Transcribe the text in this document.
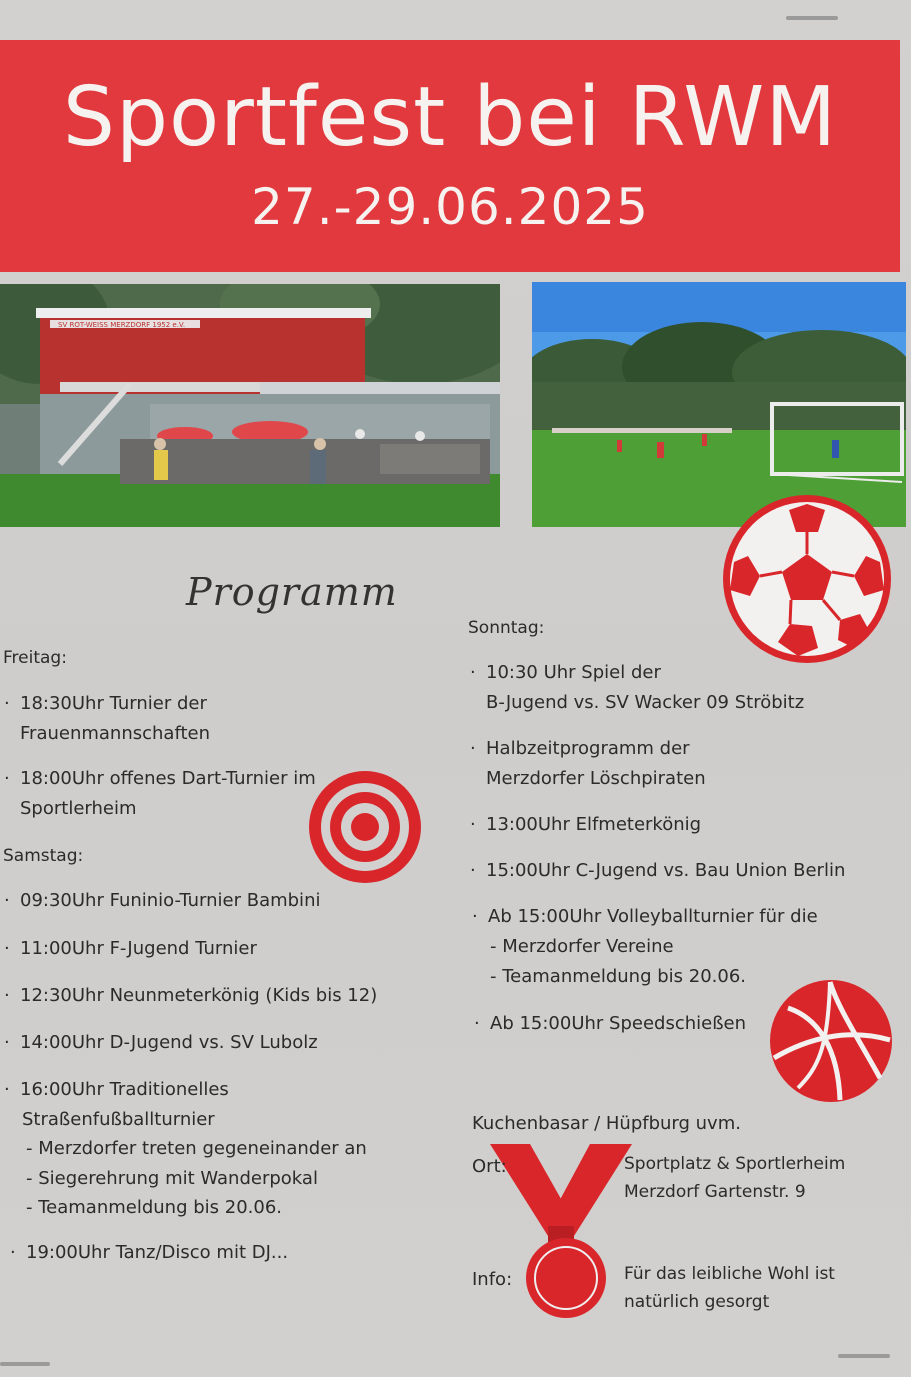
Sportfest bei RWM
27.-29.06.2025
SV ROT-WEISS MERZDORF 1952 e.V.
Programm
Freitag:
· 18:30Uhr Turnier der
Frauenmannschaften
· 18:00Uhr offenes Dart-Turnier im
Sportlerheim
Samstag:
· 09:30Uhr Funinio-Turnier Bambini
· 11:00Uhr F-Jugend Turnier
· 12:30Uhr Neunmeterkönig (Kids bis 12)
· 14:00Uhr D-Jugend vs. SV Lubolz
· 16:00Uhr Traditionelles
Straßenfußballturnier
- Merzdorfer treten gegeneinander an
- Siegerehrung mit Wanderpokal
- Teamanmeldung bis 20.06.
· 19:00Uhr Tanz/Disco mit DJ...
Sonntag:
· 10:30 Uhr Spiel der
B-Jugend vs. SV Wacker 09 Ströbitz
· Halbzeitprogramm der
Merzdorfer Löschpiraten
· 13:00Uhr Elfmeterkönig
· 15:00Uhr C-Jugend vs. Bau Union Berlin
· Ab 15:00Uhr Volleyballturnier für die
- Merzdorfer Vereine
- Teamanmeldung bis 20.06.
· Ab 15:00Uhr Speedschießen
Kuchenbasar / Hüpfburg uvm.
Ort:	Sportplatz & Sportlerheim
Merzdorf Gartenstr. 9
Info:	Für das leibliche Wohl ist
natürlich gesorgt
